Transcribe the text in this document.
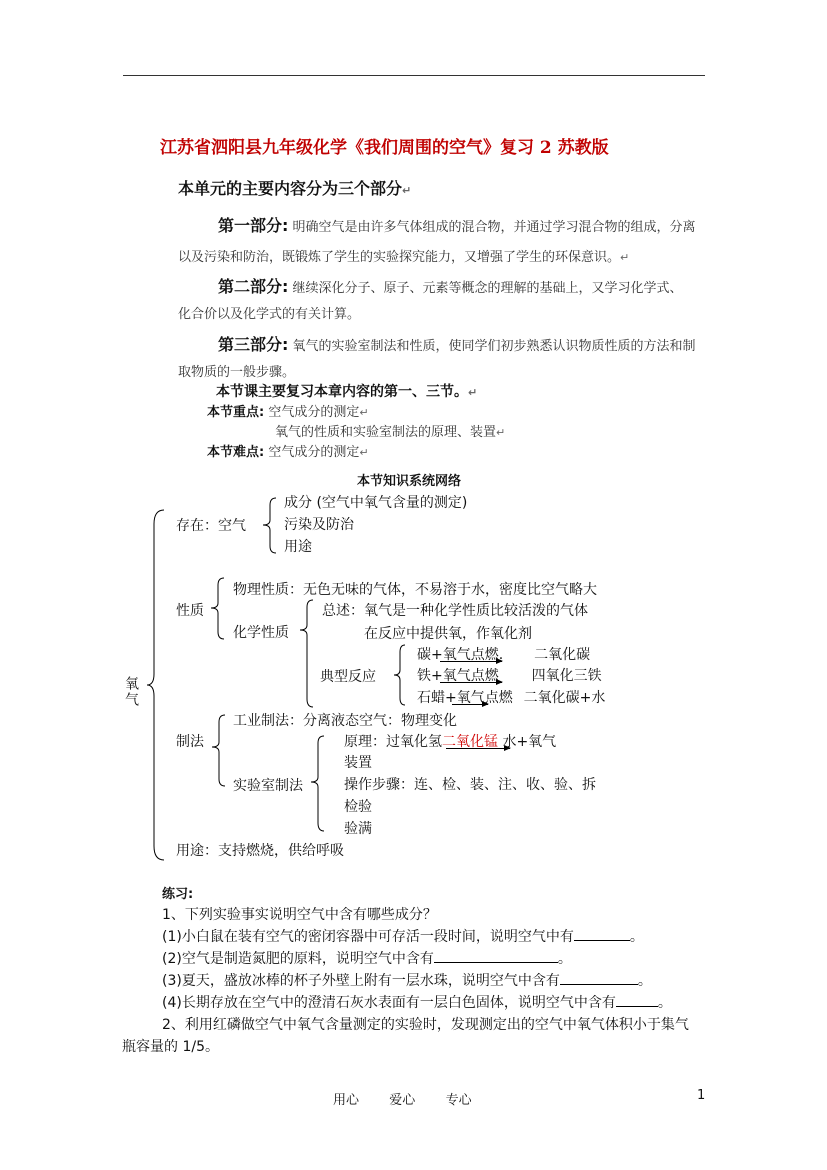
江苏省泗阳县九年级化学《我们周围的空气》复习 2 苏教版
本单元的主要内容分为三个部分↵
第一部分: 明确空气是由许多气体组成的混合物，并通过学习混合物的组成，分离
以及污染和防治，既锻炼了学生的实验探究能力，又增强了学生的环保意识。↵
第二部分: 继续深化分子、原子、元素等概念的理解的基础上，又学习化学式、
化合价以及化学式的有关计算。
第三部分: 氧气的实验室制法和性质，使同学们初步熟悉认识物质性质的方法和制
取物质的一般步骤。
本节课主要复习本章内容的第一、三节。↵
本节重点: 空气成分的测定↵
氧气的性质和实验室制法的原理、装置↵
本节难点: 空气成分的测定↵
本节知识系统网络
氧气
存在：空气
成分 (空气中氧气含量的测定)
污染及防治
用途
性质
物理性质：无色无味的气体，不易溶于水，密度比空气略大
化学性质
总述：氧气是一种化学性质比较活泼的气体
在反应中提供氧，作氧化剂
典型反应
碳+氧气点燃. 二氧化碳
铁+氧气点燃 四氧化三铁
石蜡+氧气点燃 二氧化碳+水
制法
工业制法：分离液态空气：物理变化
实验室制法
原理：过氧化氢二氧化锰 水+氧气
装置
操作步骤：连、检、装、注、收、验、拆
检验
验满
用途：支持燃烧，供给呼吸
练习:
1、下列实验事实说明空气中含有哪些成分？
(1)小白鼠在装有空气的密闭容器中可存活一段时间，说明空气中有	。
(2)空气是制造氮肥的原料，说明空气中含有	。
(3)夏天，盛放冰棒的杯子外壁上附有一层水珠，说明空气中含有	。
(4)长期存放在空气中的澄清石灰水表面有一层白色固体，说明空气中含有	。
2、利用红磷做空气中氧气含量测定的实验时，发现测定出的空气中氧气体积小于集气
瓶容量的 1/5。
用心 爱心 专心	1
